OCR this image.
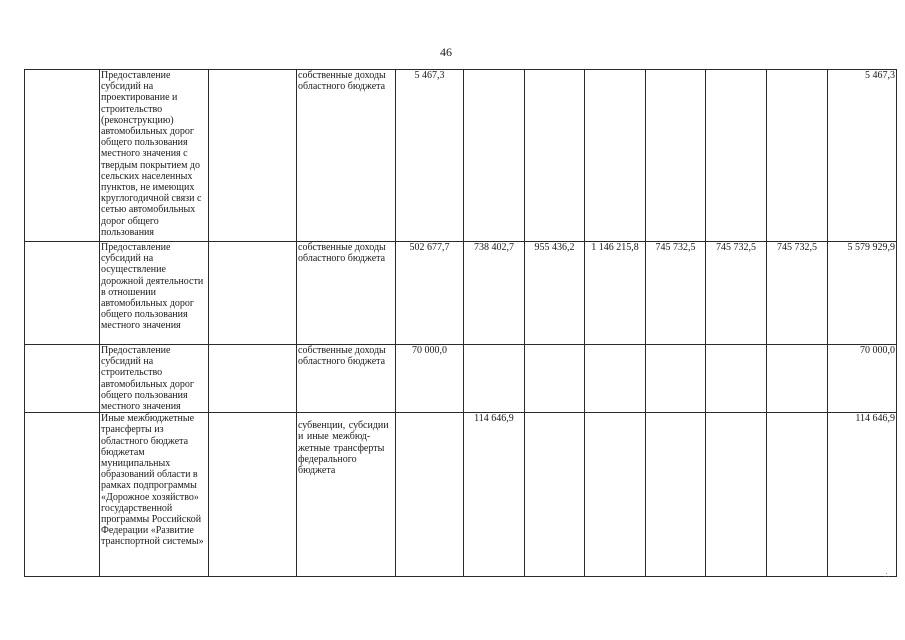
46
	Предоставление субсидий на проектирование и строительство (реконструкцию) автомобильных дорог общего пользования местного значения с твердым покрытием до сельских населенных пунктов, не имеющих круглогодичной связи с сетью автомобильных дорог общего пользования		собственные доходы областного бюджета	5 467,3							5 467,3
	Предоставление субсидий на осуществление дорожной деятельности в отношении автомобильных дорог общего пользования местного значения		собственные доходы областного бюджета	502 677,7	738 402,7	955 436,2	1 146 215,8	745 732,5	745 732,5	745 732,5	5 579 929,9
	Предоставление субсидий на строительство автомобильных дорог общего пользования местного значения		собственные доходы областного бюджета	70 000,0							70 000,0
	Иные межбюджетные трансферты из областного бюджета бюджетам муниципальных образований области в рамках подпрограммы «Дорожное хозяйство» государственной программы Российской Федерации «Развитие транспортной системы»		субвенции, субсидии и иные межбюд-жетные трансферты федерального бюджета		114 646,9						114 646,9
∴
